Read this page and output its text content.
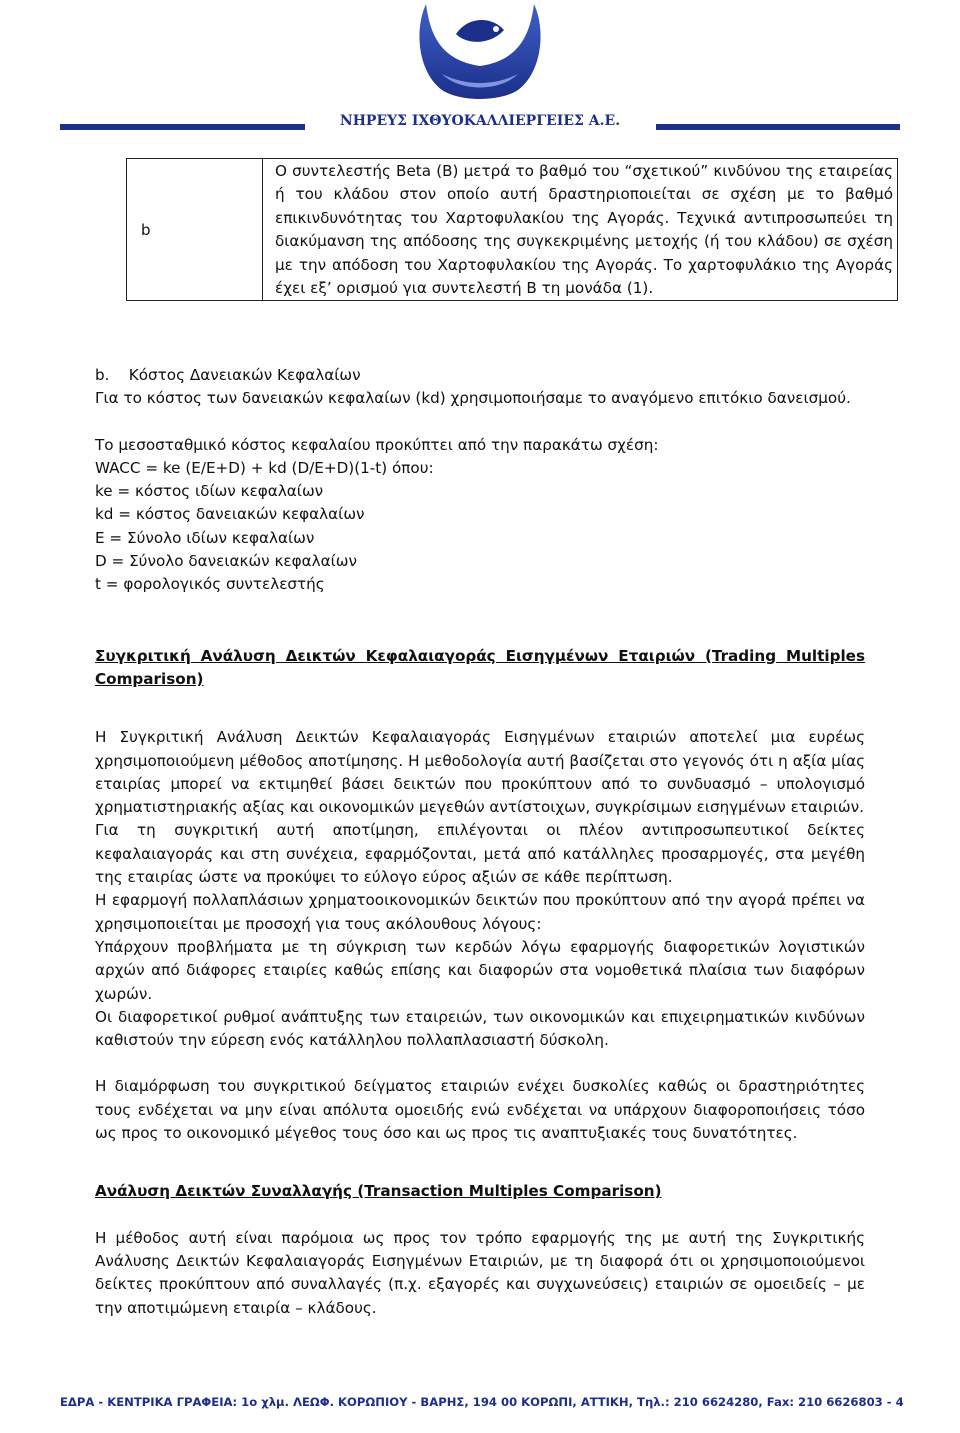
ΝΗΡΕΥΣ ΙΧΘΥΟΚΑΛΛΙΕΡΓΕΙΕΣ Α.Ε.
b	Ο συντελεστής Beta (B) μετρά το βαθμό του “σχετικού” κινδύνου της εταιρείας ή του κλάδου στον οποίο αυτή δραστηριοποιείται σε σχέση με το βαθμό επικινδυνότητας του Χαρτοφυλακίου της Αγοράς. Τεχνικά αντιπροσωπεύει τη διακύμανση της απόδοσης της συγκεκριμένης μετοχής (ή του κλάδου) σε σχέση με την απόδοση του Χαρτοφυλακίου της Αγοράς. Το χαρτοφυλάκιο της Αγοράς έχει εξ’ ορισμού για συντελεστή B τη μονάδα (1).

b.    Κόστος Δανειακών Κεφαλαίων

Για το κόστος των δανειακών κεφαλαίων (kd) χρησιμοποιήσαμε το αναγόμενο επιτόκιο δανεισμού.

Το μεσοσταθμικό κόστος κεφαλαίου προκύπτει από την παρακάτω σχέση:

WACC = ke (E/E+D) + kd (D/E+D)(1-t) όπου:

ke = κόστος ιδίων κεφαλαίων

kd = κόστος δανειακών κεφαλαίων

E = Σύνολο ιδίων κεφαλαίων

D = Σύνολο δανειακών κεφαλαίων

t = φορολογικός συντελεστής

Συγκριτική Ανάλυση Δεικτών Κεφαλαιαγοράς Εισηγμένων Εταιριών (Trading Multiples Comparison)

Η Συγκριτική Ανάλυση Δεικτών Κεφαλαιαγοράς Εισηγμένων εταιριών αποτελεί μια ευρέως χρησιμοποιούμενη μέθοδος αποτίμησης. Η μεθοδολογία αυτή βασίζεται στο γεγονός ότι η αξία μίας εταιρίας μπορεί να εκτιμηθεί βάσει δεικτών που προκύπτουν από το συνδυασμό – υπολογισμό χρηματιστηριακής αξίας και οικονομικών μεγεθών αντίστοιχων, συγκρίσιμων εισηγμένων εταιριών.

Για τη συγκριτική αυτή αποτίμηση, επιλέγονται οι πλέον αντιπροσωπευτικοί δείκτες κεφαλαιαγοράς και στη συνέχεια, εφαρμόζονται, μετά από κατάλληλες προσαρμογές, στα μεγέθη της εταιρίας ώστε να προκύψει το εύλογο εύρος αξιών σε κάθε περίπτωση.

Η εφαρμογή πολλαπλάσιων χρηματοοικονομικών δεικτών που προκύπτουν από την αγορά πρέπει να χρησιμοποιείται με προσοχή για τους ακόλουθους λόγους:

Υπάρχουν προβλήματα με τη σύγκριση των κερδών λόγω εφαρμογής διαφορετικών λογιστικών αρχών από διάφορες εταιρίες καθώς επίσης και διαφορών στα νομοθετικά πλαίσια των διαφόρων χωρών.

Οι διαφορετικοί ρυθμοί ανάπτυξης των εταιρειών, των οικονομικών και επιχειρηματικών κινδύνων καθιστούν την εύρεση ενός κατάλληλου πολλαπλασιαστή δύσκολη.

Η διαμόρφωση του συγκριτικού δείγματος εταιριών ενέχει δυσκολίες καθώς οι δραστηριότητες τους ενδέχεται να μην είναι απόλυτα ομοειδής ενώ ενδέχεται να υπάρχουν διαφοροποιήσεις τόσο ως προς το οικονομικό μέγεθος τους όσο και ως προς τις αναπτυξιακές τους δυνατότητες.

Ανάλυση Δεικτών Συναλλαγής (Transaction Multiples Comparison)

Η μέθοδος αυτή είναι παρόμοια ως προς τον τρόπο εφαρμογής της με αυτή της Συγκριτικής Ανάλυσης Δεικτών Κεφαλαιαγοράς Εισηγμένων Εταιριών, με τη διαφορά ότι οι χρησιμοποιούμενοι δείκτες προκύπτουν από συναλλαγές (π.χ. εξαγορές και συγχωνεύσεις) εταιριών σε ομοειδείς – με την αποτιμώμενη εταιρία – κλάδους.

ΕΔΡΑ - ΚΕΝΤΡΙΚΑ ΓΡΑΦΕΙΑ: 1ο χλμ. ΛΕΩΦ. ΚΟΡΩΠΙΟΥ - ΒΑΡΗΣ, 194 00 ΚΟΡΩΠΙ, ΑΤΤΙΚΗ, Τηλ.: 210 6624280, Fax: 210 6626803 - 4
